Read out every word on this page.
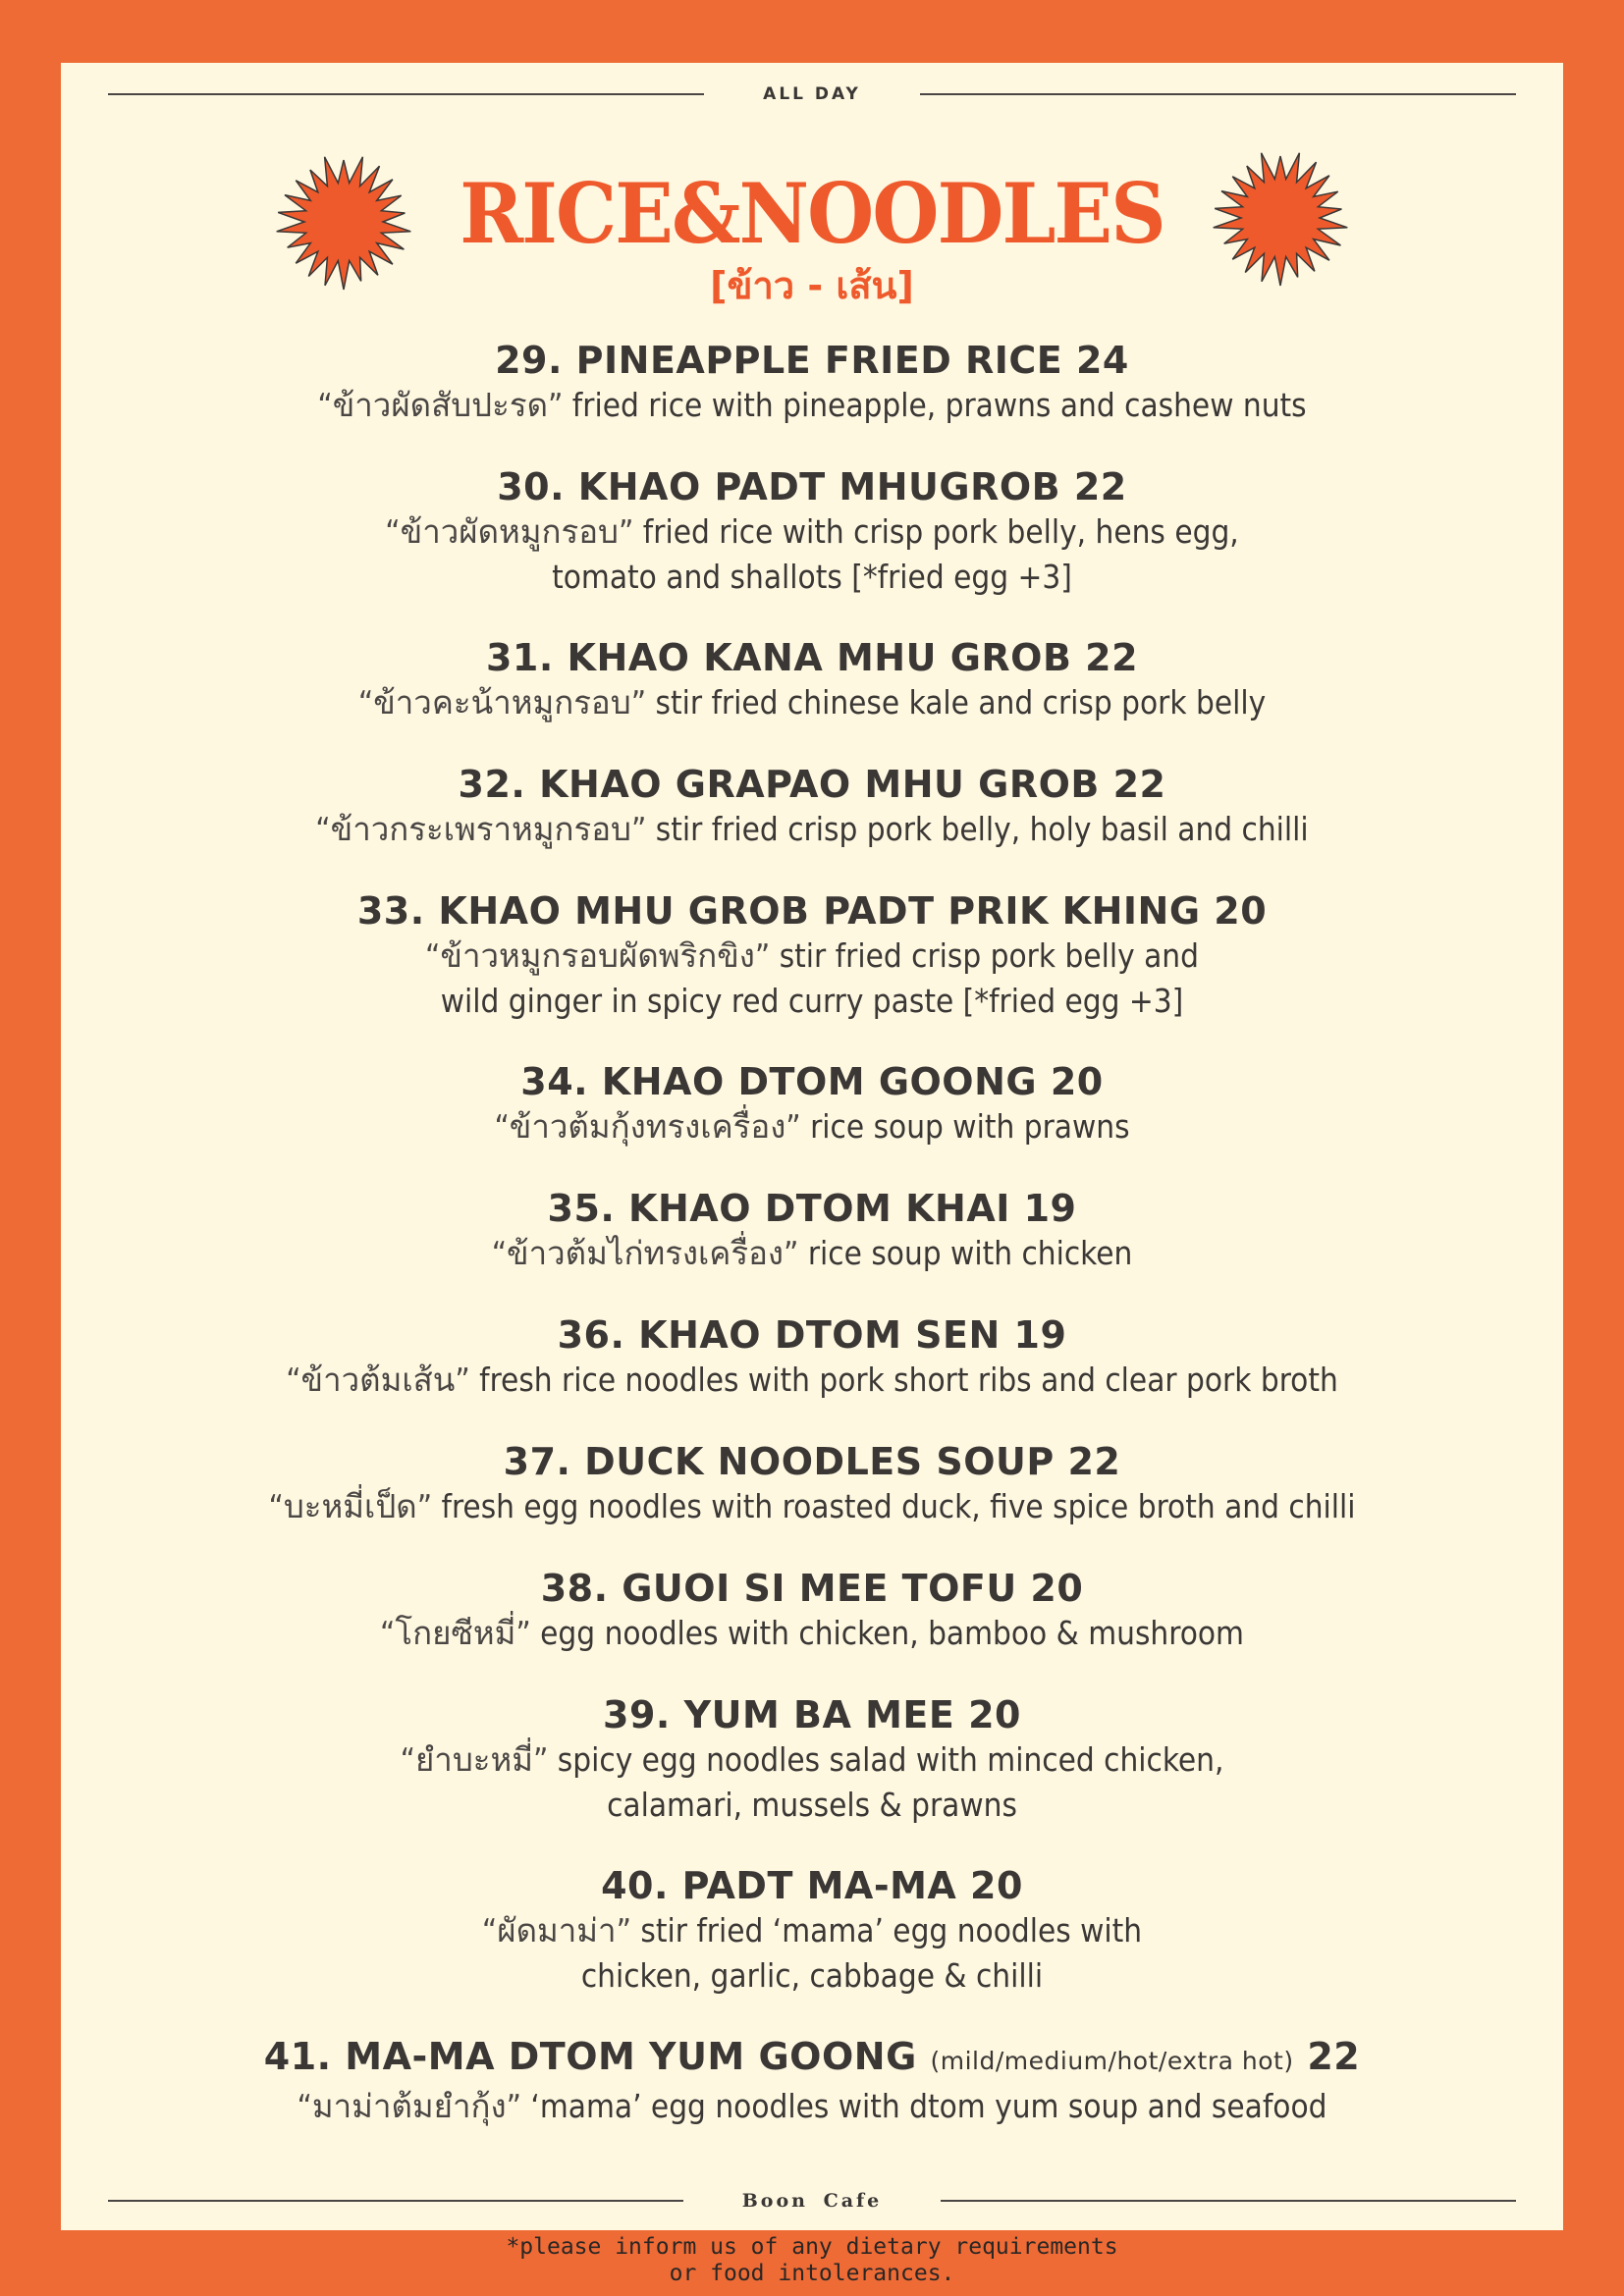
ALL DAY
RICE&NOODLES
[ข้าว - เส้น]
29. PINEAPPLE FRIED RICE 24
“ข้าวผัดสับปะรด” fried rice with pineapple, prawns and cashew nuts
30. KHAO PADT MHUGROB 22
“ข้าวผัดหมูกรอบ” fried rice with crisp pork belly, hens egg,
tomato and shallots [*fried egg +3]
31. KHAO KANA MHU GROB 22
“ข้าวคะน้าหมูกรอบ” stir fried chinese kale and crisp pork belly
32. KHAO GRAPAO MHU GROB 22
“ข้าวกระเพราหมูกรอบ” stir fried crisp pork belly, holy basil and chilli
33. KHAO MHU GROB PADT PRIK KHING 20
“ข้าวหมูกรอบผัดพริกขิง” stir fried crisp pork belly and
wild ginger in spicy red curry paste [*fried egg +3]
34. KHAO DTOM GOONG 20
“ข้าวต้มกุ้งทรงเครื่อง” rice soup with prawns
35. KHAO DTOM KHAI 19
“ข้าวต้มไก่ทรงเครื่อง” rice soup with chicken
36. KHAO DTOM SEN 19
“ข้าวต้มเส้น” fresh rice noodles with pork short ribs and clear pork broth
37. DUCK NOODLES SOUP 22
“บะหมี่เป็ด” fresh egg noodles with roasted duck, five spice broth and chilli
38. GUOI SI MEE TOFU 20
“โกยซีหมี่” egg noodles with chicken, bamboo & mushroom
39. YUM BA MEE 20
“ยำบะหมี่” spicy egg noodles salad with minced chicken,
calamari, mussels & prawns
40. PADT MA-MA 20
“ผัดมาม่า” stir fried ‘mama’ egg noodles with
chicken, garlic, cabbage & chilli
41. MA-MA DTOM YUM GOONG (mild/medium/hot/extra hot) 22
“มาม่าต้มยำกุ้ง” ‘mama’ egg noodles with dtom yum soup and seafood
Boon Cafe
*please inform us of any dietary requirements
or food intolerances.
